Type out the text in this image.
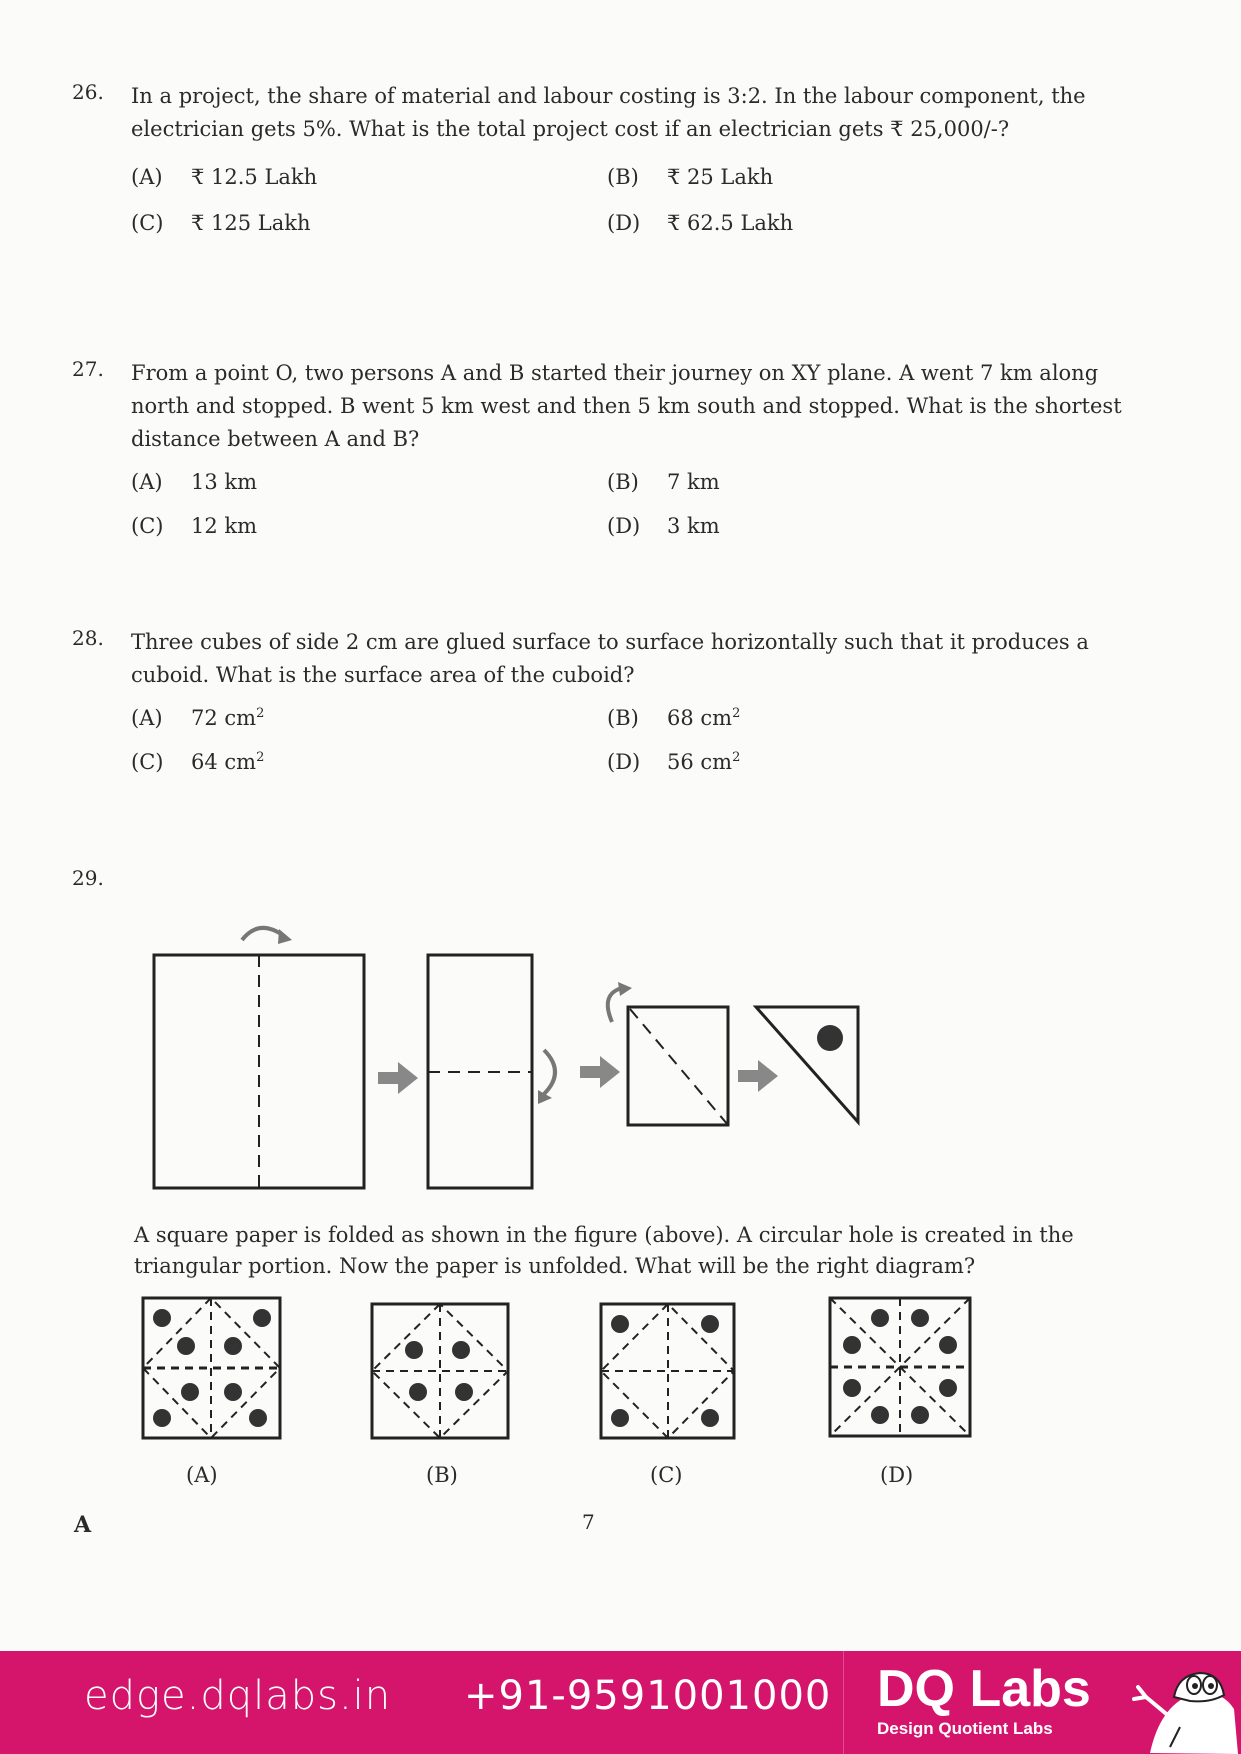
26. In a project, the share of material and labour costing is 3:2. In the labour component, the electrician gets 5%. What is the total project cost if an electrician gets ₹ 25,000/-?
(A) ₹ 12.5 Lakh	(B) ₹ 25 Lakh
(C) ₹ 125 Lakh	(D) ₹ 62.5 Lakh
27. From a point O, two persons A and B started their journey on XY plane. A went 7 km along north and stopped. B went 5 km west and then 5 km south and stopped. What is the shortest distance between A and B?
(A) 13 km	(B) 7 km
(C) 12 km	(D) 3 km
28. Three cubes of side 2 cm are glued surface to surface horizontally such that it produces a cuboid. What is the surface area of the cuboid?
(A) 72 $cm^2$	(B) 68 $cm^2$
(C) 64 $cm^2$	(D) 56 $cm^2$
29.
A square paper is folded as shown in the figure (above). A circular hole is created in the triangular portion. Now the paper is unfolded. What will be the right diagram?
(A)	(B)	(C)	(D)
A	7
edge.dqlabs.in +91-9591001000 DQ Labs
Design Quotient Labs
